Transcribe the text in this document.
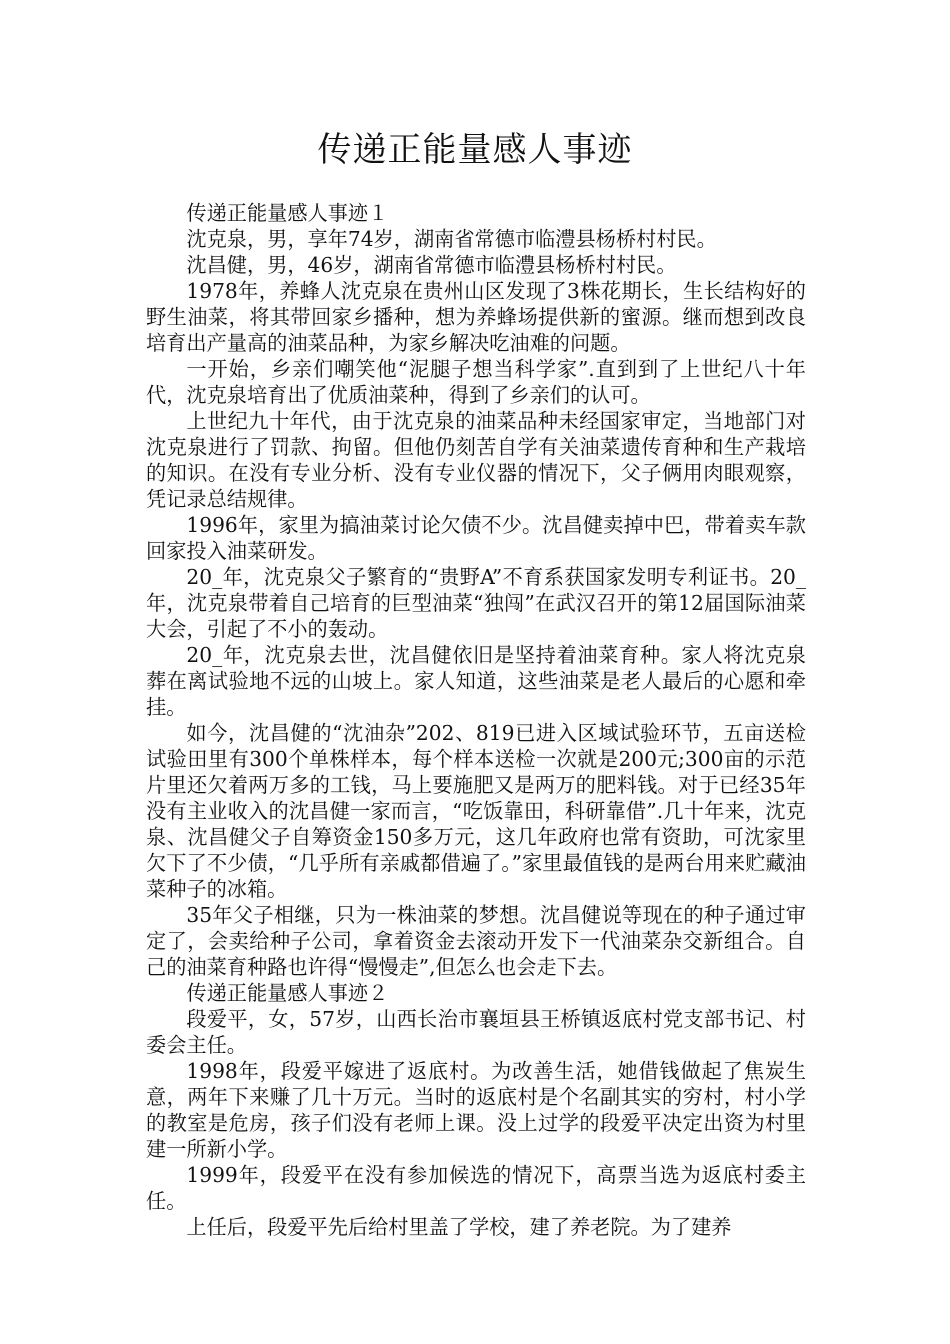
传递正能量感人事迹

传递正能量感人事迹１

沈克泉，男，享年74岁，湖南省常德市临澧县杨桥村村民。

沈昌健，男，46岁，湖南省常德市临澧县杨桥村村民。

1978年，养蜂人沈克泉在贵州山区发现了3株花期长，生长结构好的野生油菜，将其带回家乡播种，想为养蜂场提供新的蜜源。继而想到改良培育出产量高的油菜品种，为家乡解决吃油难的问题。

一开始，乡亲们嘲笑他“泥腿子想当科学家”.直到到了上世纪八十年代，沈克泉培育出了优质油菜种，得到了乡亲们的认可。

上世纪九十年代，由于沈克泉的油菜品种未经国家审定，当地部门对沈克泉进行了罚款、拘留。但他仍刻苦自学有关油菜遗传育种和生产栽培的知识。在没有专业分析、没有专业仪器的情况下，父子俩用肉眼观察，凭记录总结规律。

1996年，家里为搞油菜讨论欠债不少。沈昌健卖掉中巴，带着卖车款回家投入油菜研发。

20_年，沈克泉父子繁育的“贵野A”不育系获国家发明专利证书。20_年，沈克泉带着自己培育的巨型油菜“独闯”在武汉召开的第12届国际油菜大会，引起了不小的轰动。

20_年，沈克泉去世，沈昌健依旧是坚持着油菜育种。家人将沈克泉葬在离试验地不远的山坡上。家人知道，这些油菜是老人最后的心愿和牵挂。

如今，沈昌健的“沈油杂”202、819已进入区域试验环节，五亩送检试验田里有300个单株样本，每个样本送检一次就是200元;300亩的示范片里还欠着两万多的工钱，马上要施肥又是两万的肥料钱。对于已经35年没有主业收入的沈昌健一家而言，“吃饭靠田，科研靠借”.几十年来，沈克泉、沈昌健父子自筹资金150多万元，这几年政府也常有资助，可沈家里欠下了不少债，“几乎所有亲戚都借遍了。”家里最值钱的是两台用来贮藏油菜种子的冰箱。

35年父子相继，只为一株油菜的梦想。沈昌健说等现在的种子通过审定了，会卖给种子公司，拿着资金去滚动开发下一代油菜杂交新组合。自己的油菜育种路也许得“慢慢走”,但怎么也会走下去。

传递正能量感人事迹２

段爱平，女，57岁，山西长治市襄垣县王桥镇返底村党支部书记、村委会主任。

1998年，段爱平嫁进了返底村。为改善生活，她借钱做起了焦炭生意，两年下来赚了几十万元。当时的返底村是个名副其实的穷村，村小学的教室是危房，孩子们没有老师上课。没上过学的段爱平决定出资为村里建一所新小学。

1999年，段爱平在没有参加候选的情况下，高票当选为返底村委主任。

上任后，段爱平先后给村里盖了学校，建了养老院。为了建养
